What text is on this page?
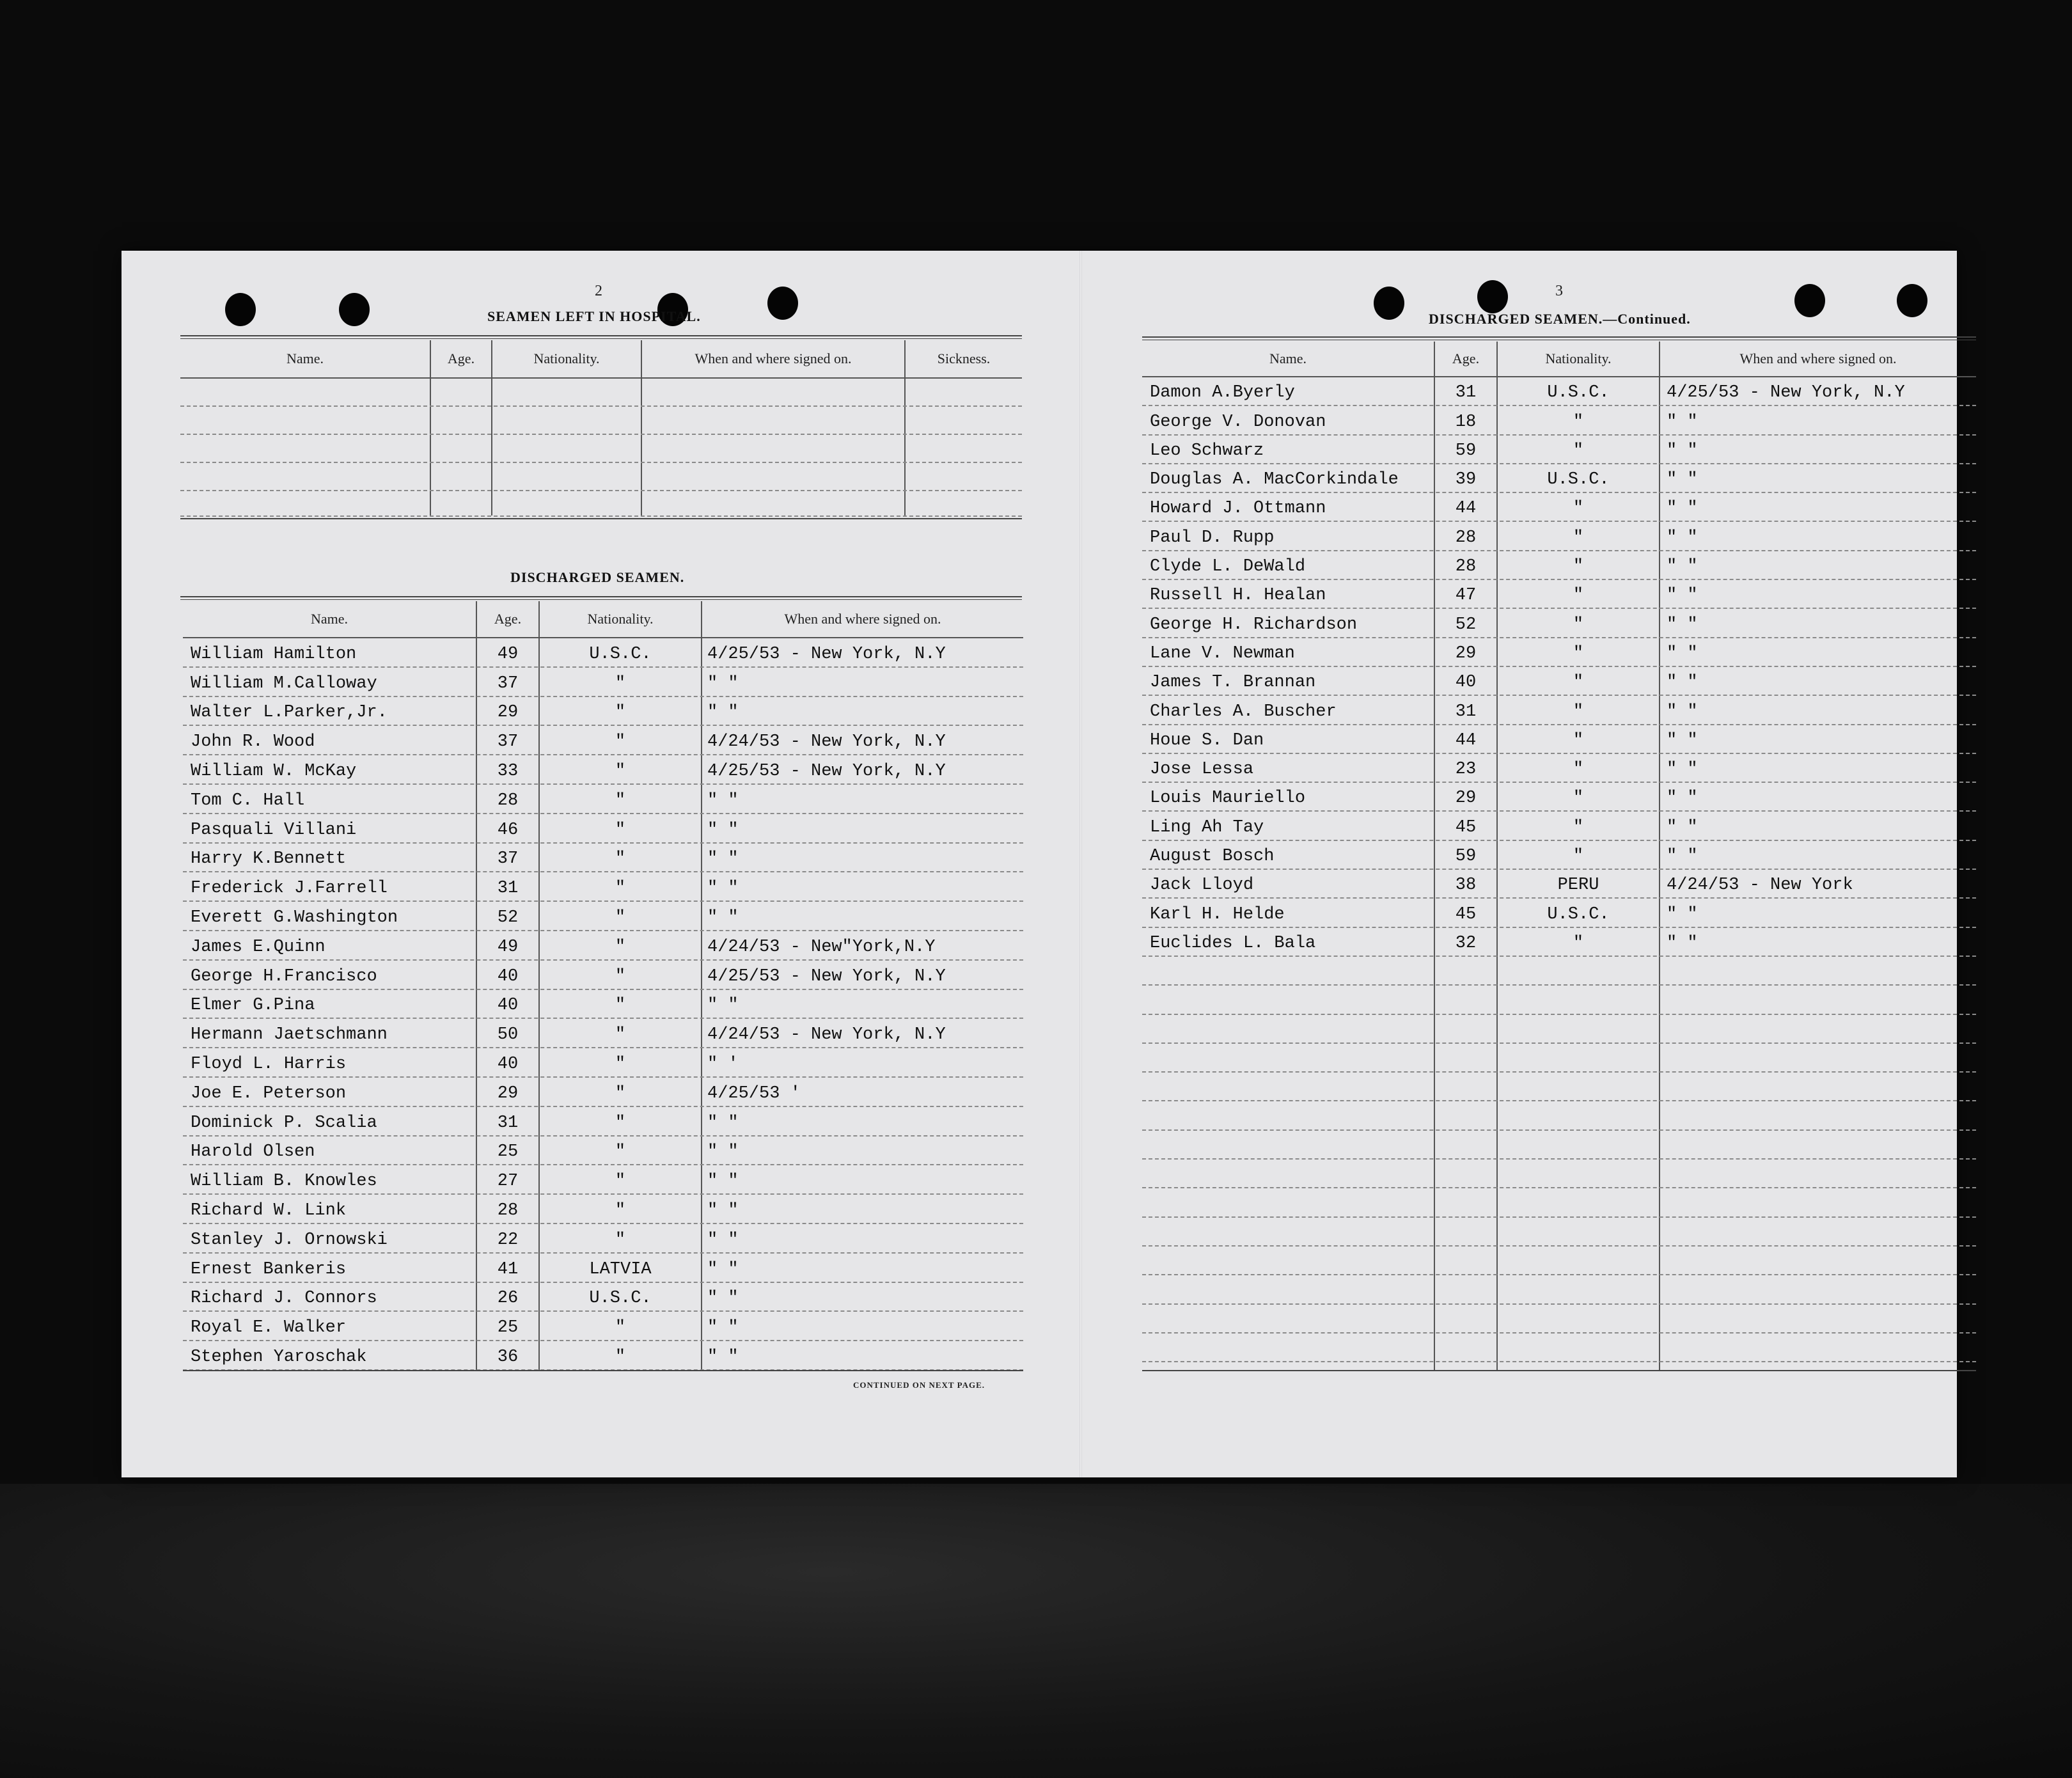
2
SEAMEN LEFT IN HOSPITAL.
Name.	Age.	Nationality.	When and where signed on.	Sickness.
DISCHARGED SEAMEN.
Name.	Age.	Nationality.	When and where signed on.
William Hamilton	49	U.S.C.	4/25/53 - New York, N.Y
William M.Calloway	37	"	" "
Walter L.Parker,Jr.	29	"	" "
John R. Wood	37	"	4/24/53 - New York, N.Y
William W. McKay	33	"	4/25/53 - New York, N.Y
Tom C. Hall	28	"	" "
Pasquali Villani	46	"	" "
Harry K.Bennett	37	"	" "
Frederick J.Farrell	31	"	" "
Everett G.Washington	52	"	" "
James E.Quinn	49	"	4/24/53 - New"York,N.Y
George H.Francisco	40	"	4/25/53 - New York, N.Y
Elmer G.Pina	40	"	" "
Hermann Jaetschmann	50	"	4/24/53 - New York, N.Y
Floyd L. Harris	40	"	" '
Joe E. Peterson	29	"	4/25/53 '
Dominick P. Scalia	31	"	" "
Harold Olsen	25	"	" "
William B. Knowles	27	"	" "
Richard W. Link	28	"	" "
Stanley J. Ornowski	22	"	" "
Ernest Bankeris	41	LATVIA	" "
Richard J. Connors	26	U.S.C.	" "
Royal E. Walker	25	"	" "
Stephen Yaroschak	36	"	" "
CONTINUED ON NEXT PAGE.
3
DISCHARGED SEAMEN.—Continued.
Name.	Age.	Nationality.	When and where signed on.
Damon A.Byerly	31	U.S.C.	4/25/53 - New York, N.Y
George V. Donovan	18	"	" "
Leo Schwarz	59	"	" "
Douglas A. MacCorkindale	39	U.S.C.	" "
Howard J. Ottmann	44	"	" "
Paul D. Rupp	28	"	" "
Clyde L. DeWald	28	"	" "
Russell H. Healan	47	"	" "
George H. Richardson	52	"	" "
Lane V. Newman	29	"	" "
James T. Brannan	40	"	" "
Charles A. Buscher	31	"	" "
Houe S. Dan	44	"	" "
Jose Lessa	23	"	" "
Louis Mauriello	29	"	" "
Ling Ah Tay	45	"	" "
August Bosch	59	"	" "
Jack Lloyd	38	PERU	4/24/53 - New York
Karl H. Helde	45	U.S.C.	" "
Euclides L. Bala	32	"	" "
